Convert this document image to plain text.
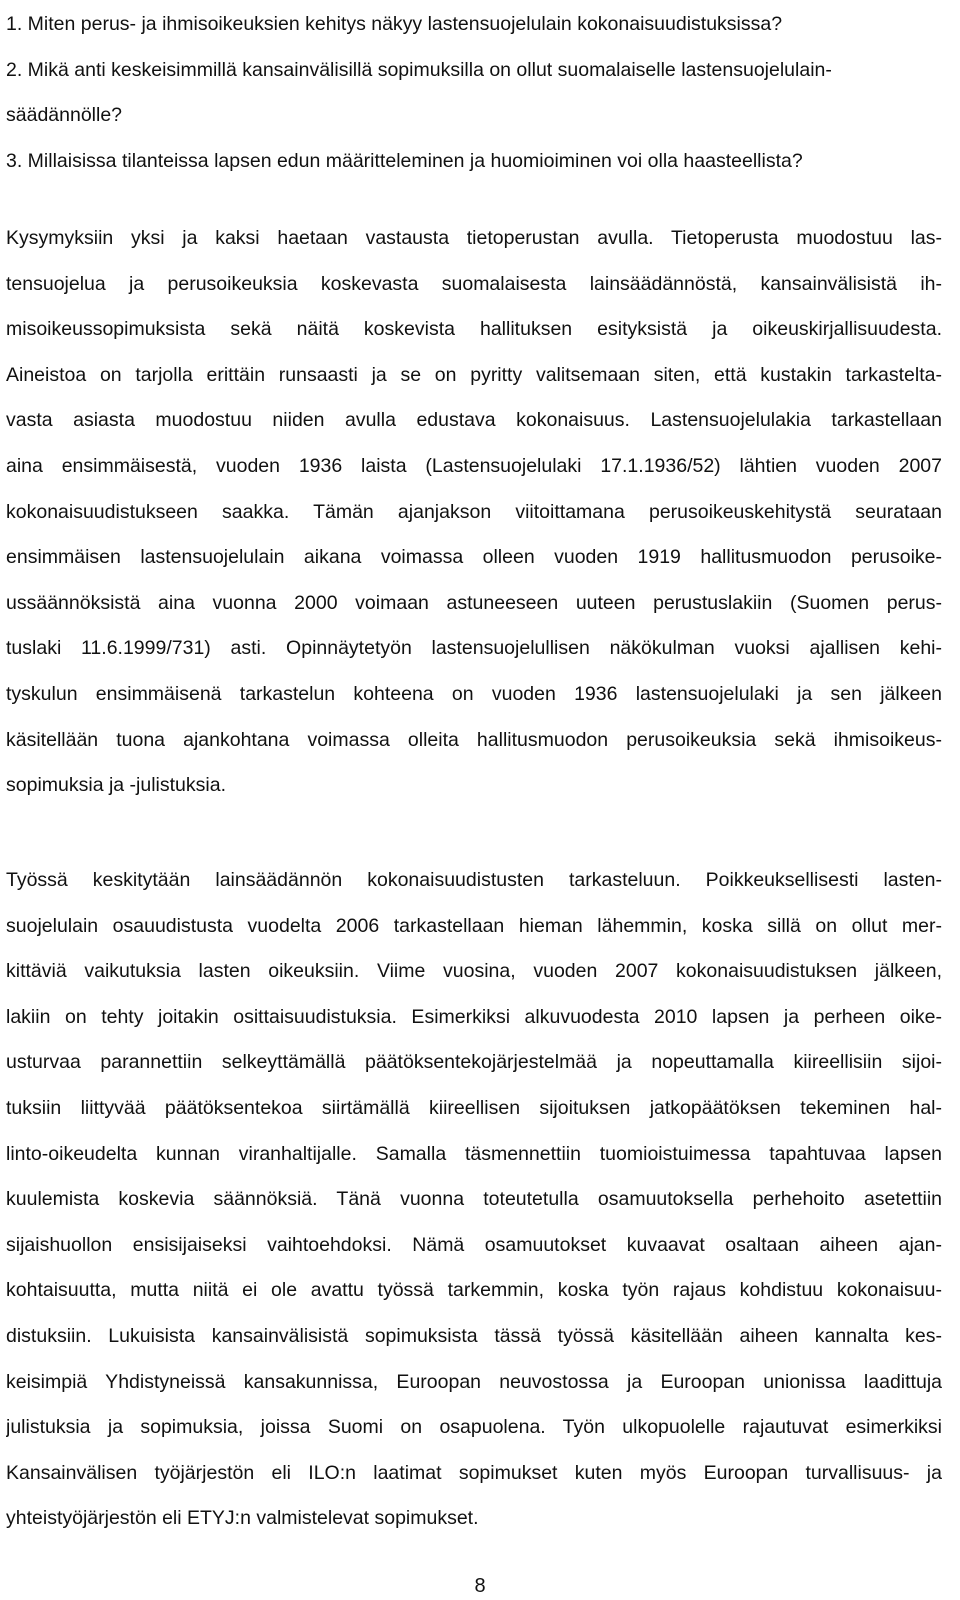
1. Miten perus- ja ihmisoikeuksien kehitys näkyy lastensuojelulain kokonaisuudistuksissa?
2. Mikä anti keskeisimmillä kansainvälisillä sopimuksilla on ollut suomalaiselle lastensuojelulain-
säädännölle?
3. Millaisissa tilanteissa lapsen edun määritteleminen ja huomioiminen voi olla haasteellista?

Kysymyksiin yksi ja kaksi haetaan vastausta tietoperustan avulla. Tietoperusta muodostuu las-
tensuojelua ja perusoikeuksia koskevasta suomalaisesta lainsäädännöstä, kansainvälisistä ih-
misoikeussopimuksista sekä näitä koskevista hallituksen esityksistä ja oikeuskirjallisuudesta.
Aineistoa on tarjolla erittäin runsaasti ja se on pyritty valitsemaan siten, että kustakin tarkastelta-
vasta asiasta muodostuu niiden avulla edustava kokonaisuus. Lastensuojelulakia tarkastellaan
aina ensimmäisestä, vuoden 1936 laista (Lastensuojelulaki 17.1.1936/52) lähtien vuoden 2007
kokonaisuudistukseen saakka. Tämän ajanjakson viitoittamana perusoikeuskehitystä seurataan
ensimmäisen lastensuojelulain aikana voimassa olleen vuoden 1919 hallitusmuodon perusoike-
ussäännöksistä aina vuonna 2000 voimaan astuneeseen uuteen perustuslakiin (Suomen perus-
tuslaki 11.6.1999/731) asti. Opinnäytetyön lastensuojelullisen näkökulman vuoksi ajallisen kehi-
tyskulun ensimmäisenä tarkastelun kohteena on vuoden 1936 lastensuojelulaki ja sen jälkeen
käsitellään tuona ajankohtana voimassa olleita hallitusmuodon perusoikeuksia sekä ihmisoikeus-
sopimuksia ja -julistuksia.

Työssä keskitytään lainsäädännön kokonaisuudistusten tarkasteluun. Poikkeuksellisesti lasten-
suojelulain osauudistusta vuodelta 2006 tarkastellaan hieman lähemmin, koska sillä on ollut mer-
kittäviä vaikutuksia lasten oikeuksiin. Viime vuosina, vuoden 2007 kokonaisuudistuksen jälkeen,
lakiin on tehty joitakin osittaisuudistuksia. Esimerkiksi alkuvuodesta 2010 lapsen ja perheen oike-
usturvaa parannettiin selkeyttämällä päätöksentekojärjestelmää ja nopeuttamalla kiireellisiin sijoi-
tuksiin liittyvää päätöksentekoa siirtämällä kiireellisen sijoituksen jatkopäätöksen tekeminen hal-
linto-oikeudelta kunnan viranhaltijalle. Samalla täsmennettiin tuomioistuimessa tapahtuvaa lapsen
kuulemista koskevia säännöksiä. Tänä vuonna toteutetulla osamuutoksella perhehoito asetettiin
sijaishuollon ensisijaiseksi vaihtoehdoksi. Nämä osamuutokset kuvaavat osaltaan aiheen ajan-
kohtaisuutta, mutta niitä ei ole avattu työssä tarkemmin, koska työn rajaus kohdistuu kokonaisuu-
distuksiin. Lukuisista kansainvälisistä sopimuksista tässä työssä käsitellään aiheen kannalta kes-
keisimpiä Yhdistyneissä kansakunnissa, Euroopan neuvostossa ja Euroopan unionissa laadittuja
julistuksia ja sopimuksia, joissa Suomi on osapuolena. Työn ulkopuolelle rajautuvat esimerkiksi
Kansainvälisen työjärjestön eli ILO:n laatimat sopimukset kuten myös Euroopan turvallisuus- ja
yhteistyöjärjestön eli ETYJ:n valmistelevat sopimukset.

8
